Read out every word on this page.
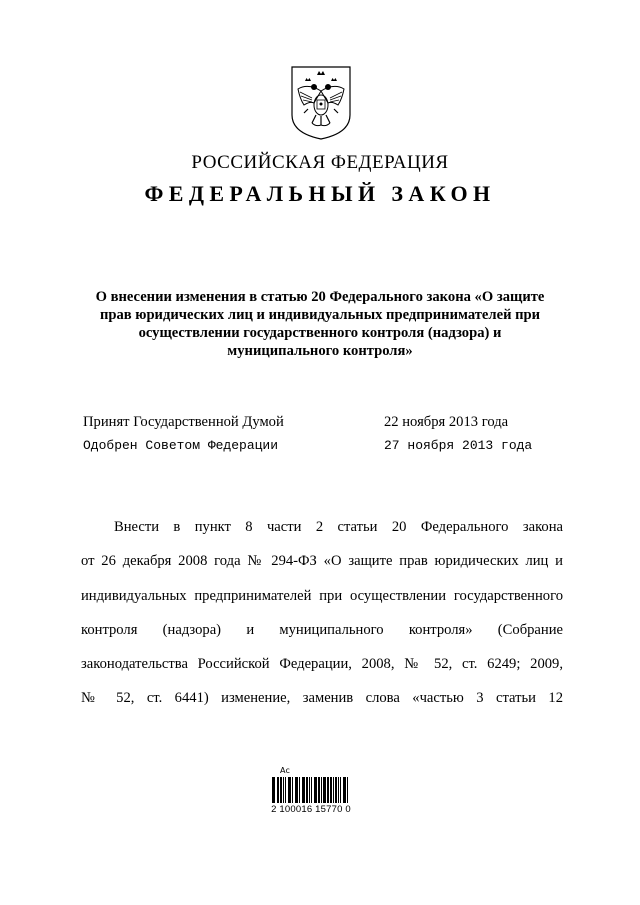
РОССИЙСКАЯ ФЕДЕРАЦИЯ
ФЕДЕРАЛЬНЫЙ ЗАКОН
О внесении изменения в статью 20 Федерального закона «О защите
прав юридических лиц и индивидуальных предпринимателей при
осуществлении государственного контроля (надзора) и
муниципального контроля»
Принят Государственной Думой	22 ноября 2013 года
Одобрен Советом Федерации	27 ноября 2013 года
Внести в пункт 8 части 2 статьи 20 Федерального закона
от 26 декабря 2008 года № 294-ФЗ «О защите прав юридических лиц и
индивидуальных предпринимателей при осуществлении государственного
контроля (надзора) и муниципального контроля» (Собрание
законодательства Российской Федерации, 2008, № 52, ст. 6249; 2009,
№ 52, ст. 6441) изменение, заменив слова «частью 3 статьи 12
Ас
2 100016 15770 0
